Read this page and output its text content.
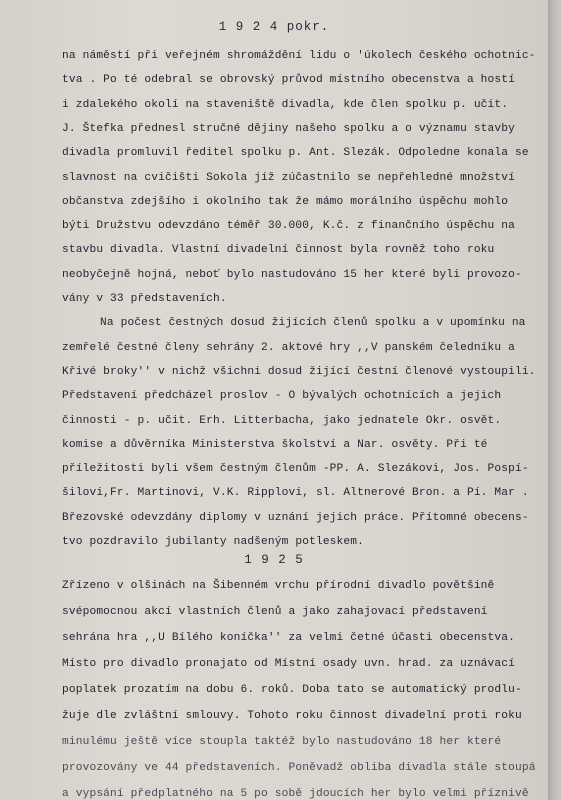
1 9 2 4 pokr.
na náměstí při veřejném shromáždění lidu o 'úkolech českého ochotnic-
tva . Po té odebral se obrovský průvod místního obecenstva a hostí
i zdalekého okolí na staveniště divadla, kde člen spolku p. učit.
J. Štefka přednesl stručné dějiny našeho spolku a o významu stavby
divadla promluvil ředitel spolku p. Ant. Slezák. Odpoledne konala se
slavnost na cvičišti Sokola jíž zúčastnilo se nepřehledné množství
občanstva zdejšího i okolního tak že mámo morálního úspěchu mohlo
býti Družstvu odevzdáno téměř 30.000, K.č. z finančního úspěchu na
stavbu divadla. Vlastní divadelní činnost byla rovněž toho roku
neobyčejně hojná, neboť bylo nastudováno 15 her které byli provozo-
vány v 33 představeních.
Na počest čestných dosud žijících členů spolku a v upomínku na
zemřelé čestné členy sehrány 2. aktové hry ,,V panském čeledníku a
Křivé broky'' v nichž všichni dosud žijící čestní členové vystoupili.
Představení předcházel proslov - O bývalých ochotnících a jejich
činnosti - p. učit. Erh. Litterbacha, jako jednatele Okr. osvět.
komise a důvěrníka Ministerstva školství a Nar. osvěty. Při té
příležitosti byli všem čestným členům -PP. A. Slezákovi, Jos. Pospí-
šilovi,Fr. Martinovi, V.K. Ripplovi, sl. Altnerové Bron. a Pí. Mar .
Březovské odevzdány diplomy v uznání jejich práce. Přítomné obecens-
tvo pozdravilo jubilanty nadšeným potleskem.
1 9 2 5
Zřízeno v olšinách na Šibenném vrchu přírodní divadlo povětšině
svépomocnou akcí vlastních členů a jako zahajovací představení
sehrána hra ,,U Bílého koníčka'' za velmi četné účasti obecenstva.
Místo pro divadlo pronajato od Místní osady uvn. hrad. za uznávací
poplatek prozatím na dobu 6. roků. Doba tato se automatický prodlu-
žuje dle zvláštní smlouvy. Tohoto roku činnost divadelní proti roku
minulému ještě více stoupla taktéž bylo nastudováno 18 her které
provozovány ve 44 představeních. Poněvadž obliba divadla stále stoupá
a vypsání předplatného na 5 po sobě jdoucích her bylo velmi příznivě
